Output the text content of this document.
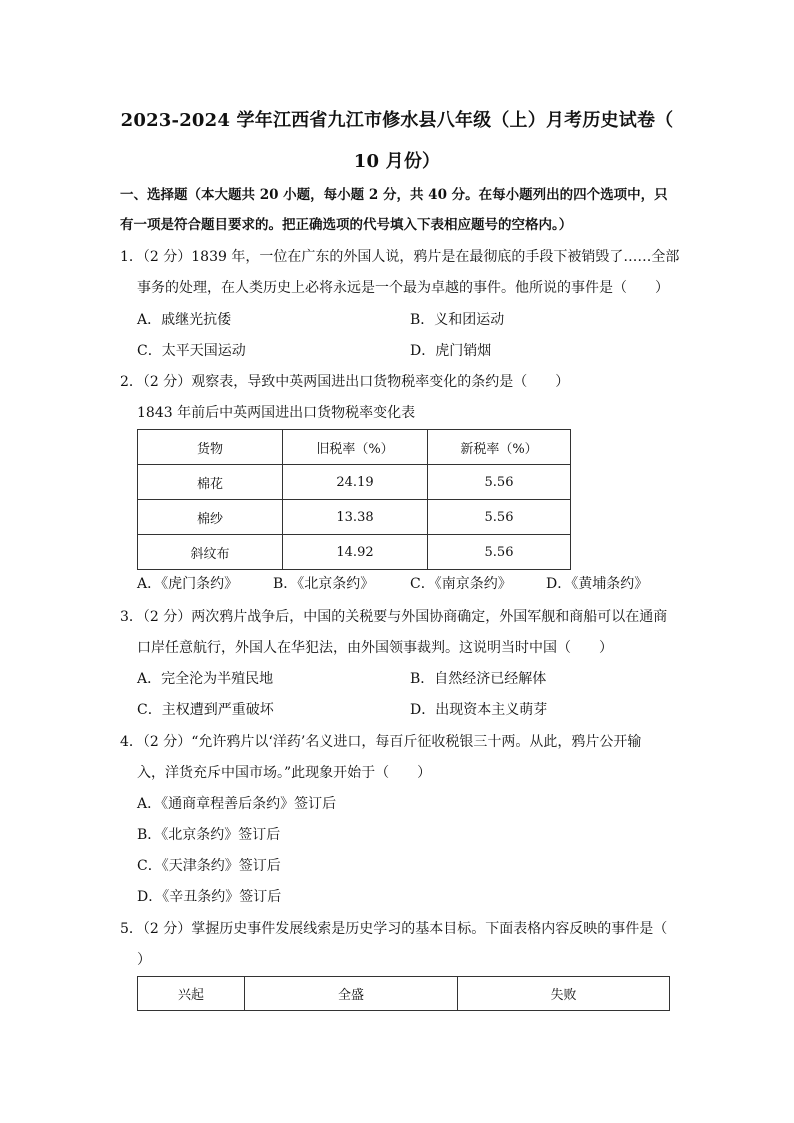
2023-2024 学年江西省九江市修水县八年级（上）月考历史试卷（
10 月份）
一、选择题（本大题共 20 小题，每小题 2 分，共 40 分。在每小题列出的四个选项中，只
有一项是符合题目要求的。把正确选项的代号填入下表相应题号的空格内。）
1．（2 分）1839 年，一位在广东的外国人说，鸦片是在最彻底的手段下被销毁了……全部
事务的处理，在人类历史上必将永远是一个最为卓越的事件。他所说的事件是（　　）
A．戚继光抗倭	B．义和团运动
C．太平天国运动	D．虎门销烟
2．（2 分）观察表，导致中英两国进出口货物税率变化的条约是（　　）
1843 年前后中英两国进出口货物税率变化表
货物	旧税率（%）	新税率（%）
棉花	24.19	5.56
棉纱	13.38	5.56
斜纹布	14.92	5.56
A．《虎门条约》 B．《北京条约》	C．《南京条约》 D．《黄埔条约》
3．（2 分）两次鸦片战争后，中国的关税要与外国协商确定，外国军舰和商船可以在通商
口岸任意航行，外国人在华犯法，由外国领事裁判。这说明当时中国（　　）
A．完全沦为半殖民地	B．自然经济已经解体
C．主权遭到严重破坏	D．出现资本主义萌芽
4．（2 分）“允许鸦片以‘洋药’名义进口，每百斤征收税银三十两。从此，鸦片公开输
入，洋货充斥中国市场。”此现象开始于（　　）
A．《通商章程善后条约》签订后
B．《北京条约》签订后
C．《天津条约》签订后
D．《辛丑条约》签订后
5．（2 分）掌握历史事件发展线索是历史学习的基本目标。下面表格内容反映的事件是（
）
兴起	全盛	失败
